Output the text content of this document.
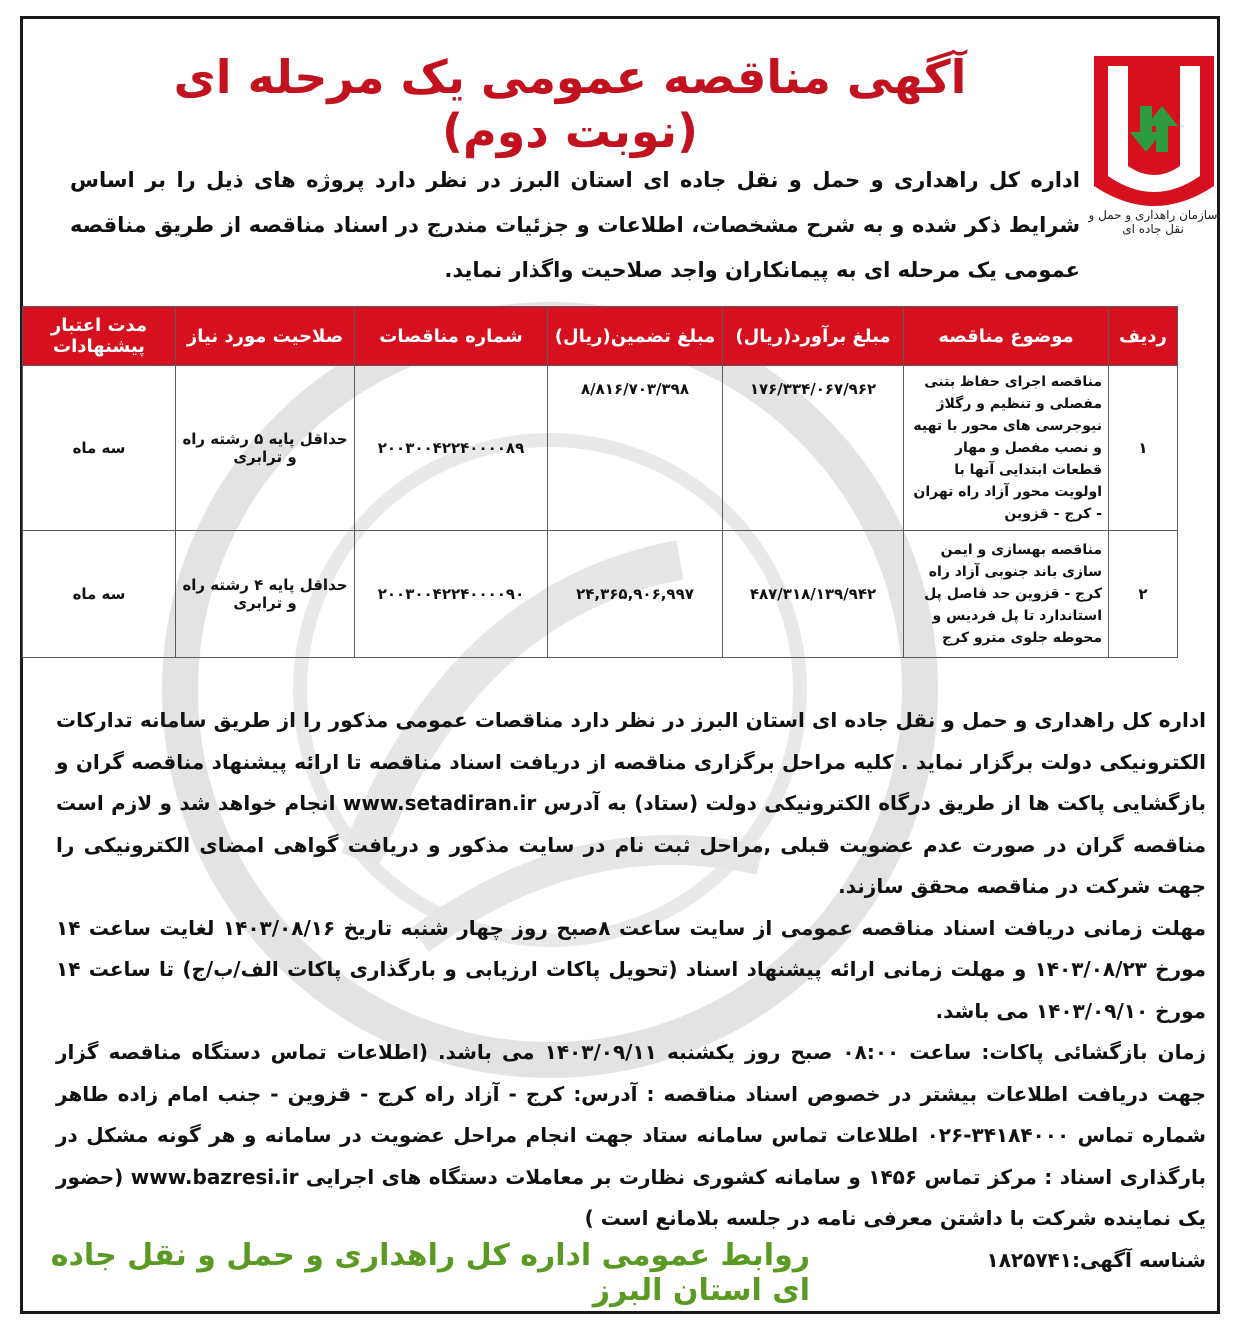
سازمان راهداری و حمل و نقل جاده ای
آگهی مناقصه عمومی یک مرحله ای (نوبت دوم)
اداره کل راهداری و حمل و نقل جاده ای استان البرز در نظر دارد پروژه های ذیل را بر اساس شرایط ذکر شده و به شرح مشخصات، اطلاعات و جزئیات مندرج در اسناد مناقصه از طریق مناقصه عمومی یک مرحله ای به پیمانکاران واجد صلاحیت واگذار نماید.
ردیف	موضوع مناقصه	مبلغ برآورد(ریال)	مبلغ تضمین(ریال)	شماره مناقصات	صلاحیت مورد نیاز	مدت اعتبار پیشنهادات
۱	مناقصه اجرای حفاظ بتنی مفصلی و تنظیم و رگلاژ نیوجرسی های محور با تهیه و نصب مفصل و مهار قطعات ابتدایی آنها با اولویت محور آزاد راه تهران - کرج - قزوین	۱۷۶/۳۳۴/۰۶۷/۹۶۲	۸/۸۱۶/۷۰۳/۳۹۸	۲۰۰۳۰۰۴۲۲۴۰۰۰۰۸۹	حداقل پایه ۵ رشته راه و ترابری	سه ماه
۲	مناقصه بهسازی و ایمن سازی باند جنوبی آزاد راه کرج - قزوین حد فاصل پل استاندارد تا پل فردیس و محوطه جلوی مترو کرج	۴۸۷/۳۱۸/۱۳۹/۹۴۲	۲۴,۳۶۵,۹۰۶,۹۹۷	۲۰۰۳۰۰۴۲۲۴۰۰۰۰۹۰	حداقل پایه ۴ رشته راه و ترابری	سه ماه

اداره کل راهداری و حمل و نقل جاده ای استان البرز در نظر دارد مناقصات عمومی مذکور را از طریق سامانه تدارکات الکترونیکی دولت برگزار نماید . کلیه مراحل برگزاری مناقصه از دریافت اسناد مناقصه تا ارائه پیشنهاد مناقصه گران و بازگشایی پاکت ها از طریق درگاه الکترونیکی دولت (ستاد) به آدرس www.setadiran.ir انجام خواهد شد و لازم است مناقصه گران در صورت عدم عضویت قبلی ,مراحل ثبت نام در سایت مذکور و دریافت گواهی امضای الکترونیکی را جهت شرکت در مناقصه محقق سازند.

مهلت زمانی دریافت اسناد مناقصه عمومی از سایت ساعت ۸صبح روز چهار شنبه تاریخ ۱۴۰۳/۰۸/۱۶ لغایت ساعت ۱۴ مورخ ۱۴۰۳/۰۸/۲۳ و مهلت زمانی ارائه پیشنهاد اسناد (تحویل پاکات ارزیابی و بارگذاری پاکات الف/ب/ج) تا ساعت ۱۴ مورخ ۱۴۰۳/۰۹/۱۰ می باشد.

زمان بازگشائی پاکات: ساعت ۰۸:۰۰ صبح روز یکشنبه ۱۴۰۳/۰۹/۱۱ می باشد. (اطلاعات تماس دستگاه مناقصه گزار جهت دریافت اطلاعات بیشتر در خصوص اسناد مناقصه : آدرس: کرج - آزاد راه کرج - قزوین - جنب امام زاده طاهر شماره تماس ۳۴۱۸۴۰۰۰-۰۲۶ اطلاعات تماس سامانه ستاد جهت انجام مراحل عضویت در سامانه و هر گونه مشکل در بارگذاری اسناد : مرکز تماس ۱۴۵۶ و سامانه کشوری نظارت بر معاملات دستگاه های اجرایی www.bazresi.ir (حضور یک نماینده شرکت با داشتن معرفی نامه در جلسه بلامانع است )

شناسه آگهی:۱۸۲۵۷۴۱

روابط عمومی اداره کل راهداری و حمل و نقل جاده ای استان البرز
